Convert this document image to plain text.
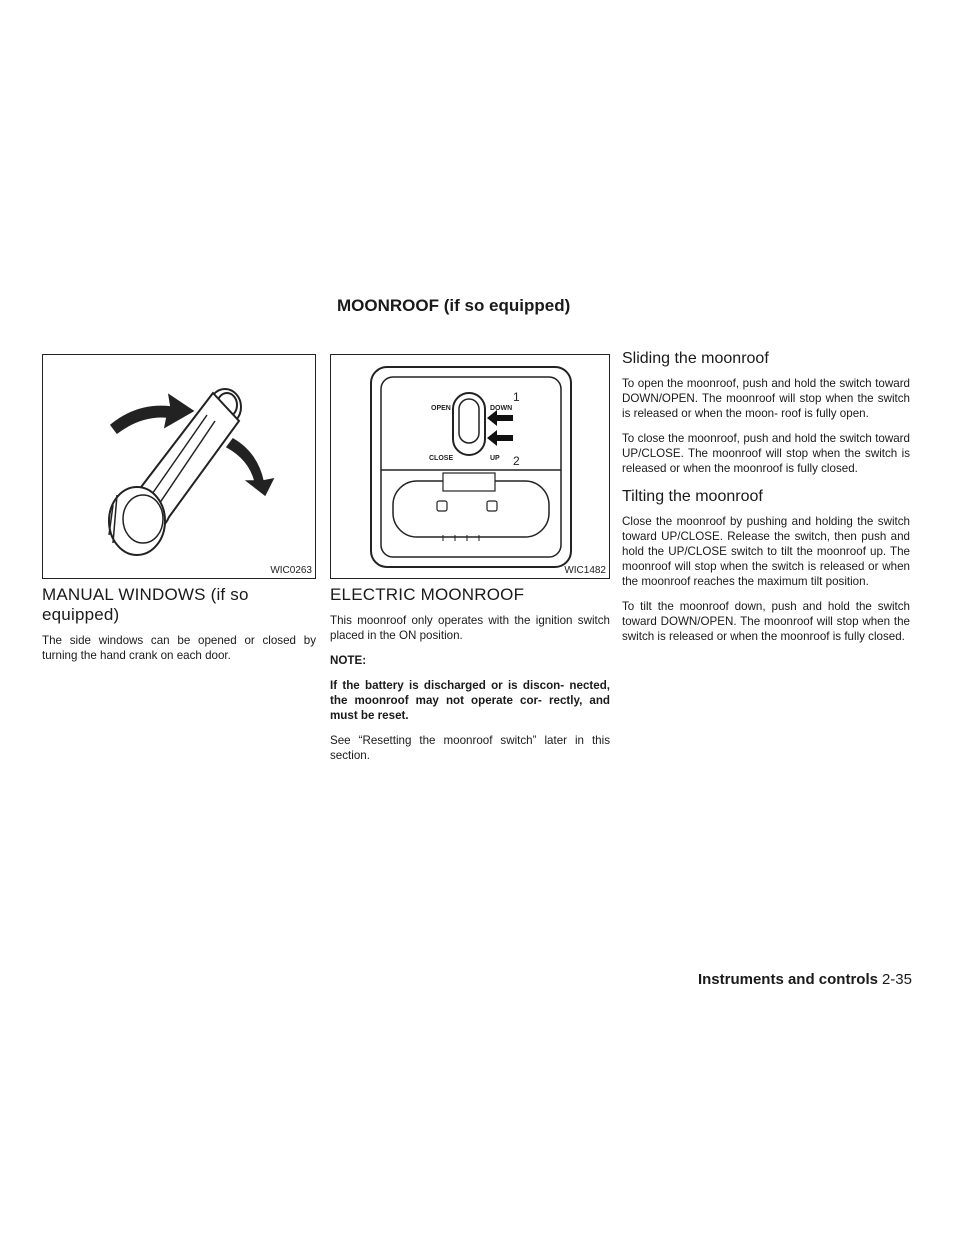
MOONROOF (if so equipped)
WIC0263
MANUAL WINDOWS (if so equipped)

The side windows can be opened or closed by turning the hand crank on each door.

OPEN	DOWN
CLOSE	UP
1
2
WIC1482
ELECTRIC MOONROOF

This moonroof only operates with the ignition switch placed in the ON position.

NOTE:

If the battery is discharged or is discon- nected, the moonroof may not operate cor- rectly, and must be reset.

See “Resetting the moonroof switch” later in this section.

Sliding the moonroof

To open the moonroof, push and hold the switch toward DOWN/OPEN. The moonroof will stop when the switch is released or when the moon- roof is fully open.

To close the moonroof, push and hold the switch toward UP/CLOSE. The moonroof will stop when the switch is released or when the moonroof is fully closed.

Tilting the moonroof

Close the moonroof by pushing and holding the switch toward UP/CLOSE. Release the switch, then push and hold the UP/CLOSE switch to tilt the moonroof up. The moonroof will stop when the switch is released or when the moonroof reaches the maximum tilt position.

To tilt the moonroof down, push and hold the switch toward DOWN/OPEN. The moonroof will stop when the switch is released or when the moonroof is fully closed.

Instruments and controls 2-35
